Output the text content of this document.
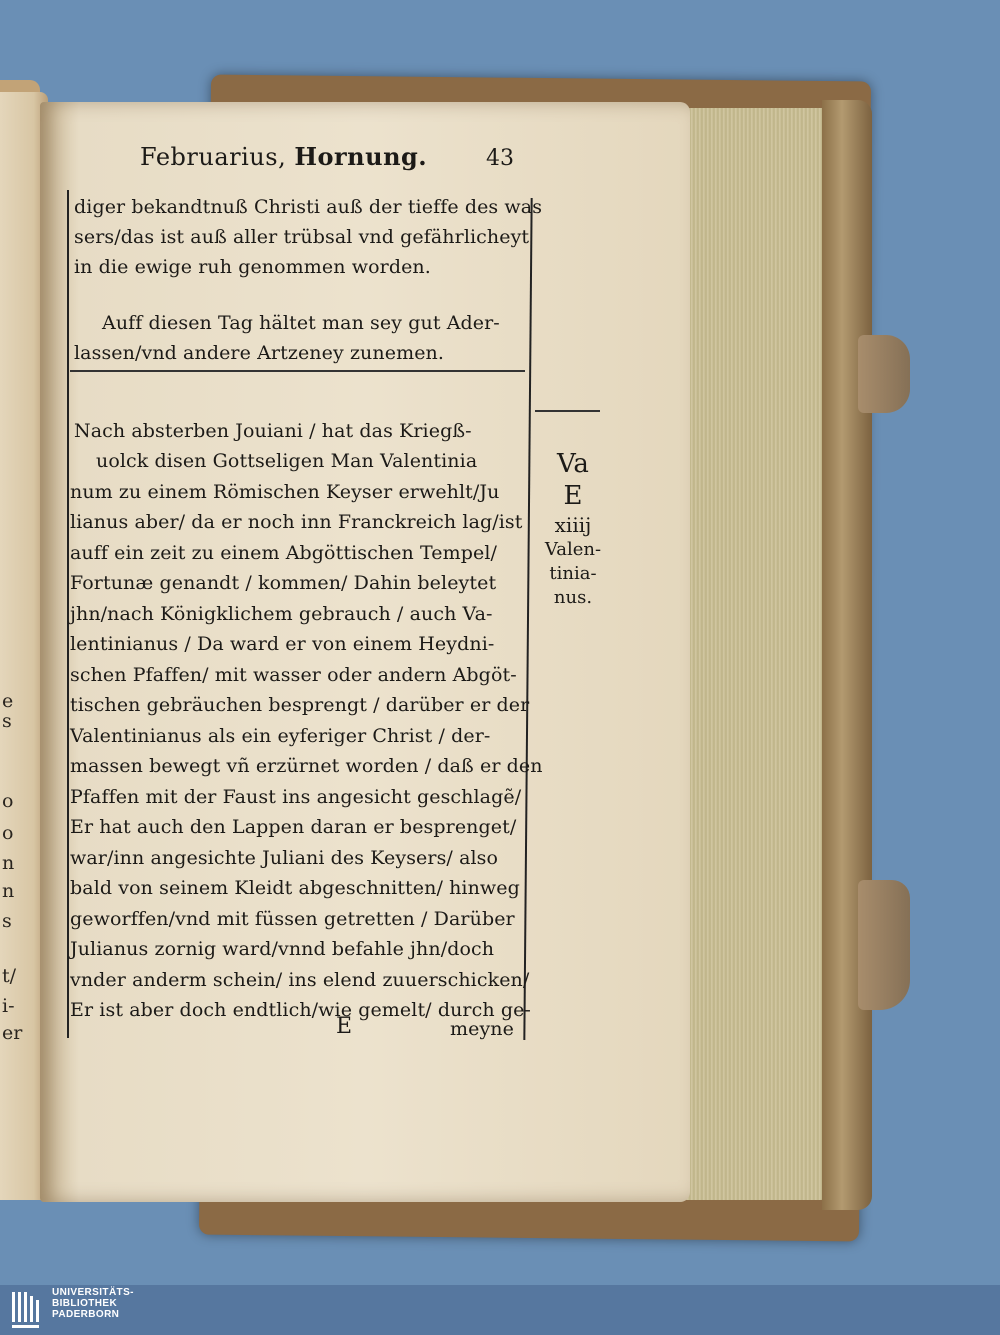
e
s
o
o
n
n
s
t/
i-
er
Februarius, Hornung.	43
diger bekandtnuß Christi auß der tieffe des was
sers/das ist auß aller trübsal vnd gefährlicheyt
in die ewige ruh genommen worden.
Auff diesen Tag hältet man sey gut Ader-
lassen/vnd andere Artzeney zunemen.
Nach absterben Jouiani / hat das Kriegß-
uolck disen Gottseligen Man Valentinia
num zu einem Römischen Keyser erwehlt/Ju
lianus aber/ da er noch inn Franckreich lag/ist
auff ein zeit zu einem Abgöttischen Tempel/
Fortunæ genandt / kommen/ Dahin beleytet
jhn/nach Königklichem gebrauch / auch Va-
lentinianus / Da ward er von einem Heydni-
schen Pfaffen/ mit wasser oder andern Abgöt-
tischen gebräuchen besprengt / darüber er der
Valentinianus als ein eyferiger Christ / der-
massen bewegt vñ erzürnet worden / daß er den
Pfaffen mit der Faust ins angesicht geschlagẽ/
Er hat auch den Lappen daran er besprenget/
war/inn angesichte Juliani des Keysers/ also
bald von seinem Kleidt abgeschnitten/ hinweg
geworffen/vnd mit füssen getretten / Darüber
Julianus zornig ward/vnnd befahle jhn/doch
vnder anderm schein/ ins elend zuuerschicken/
Er ist aber doch endtlich/wie gemelt/ durch ge-
E	meyne
Va
E
xiiij
Valen-
tinia-
nus.
UNIVERSITÄTS-
BIBLIOTHEK
PADERBORN
